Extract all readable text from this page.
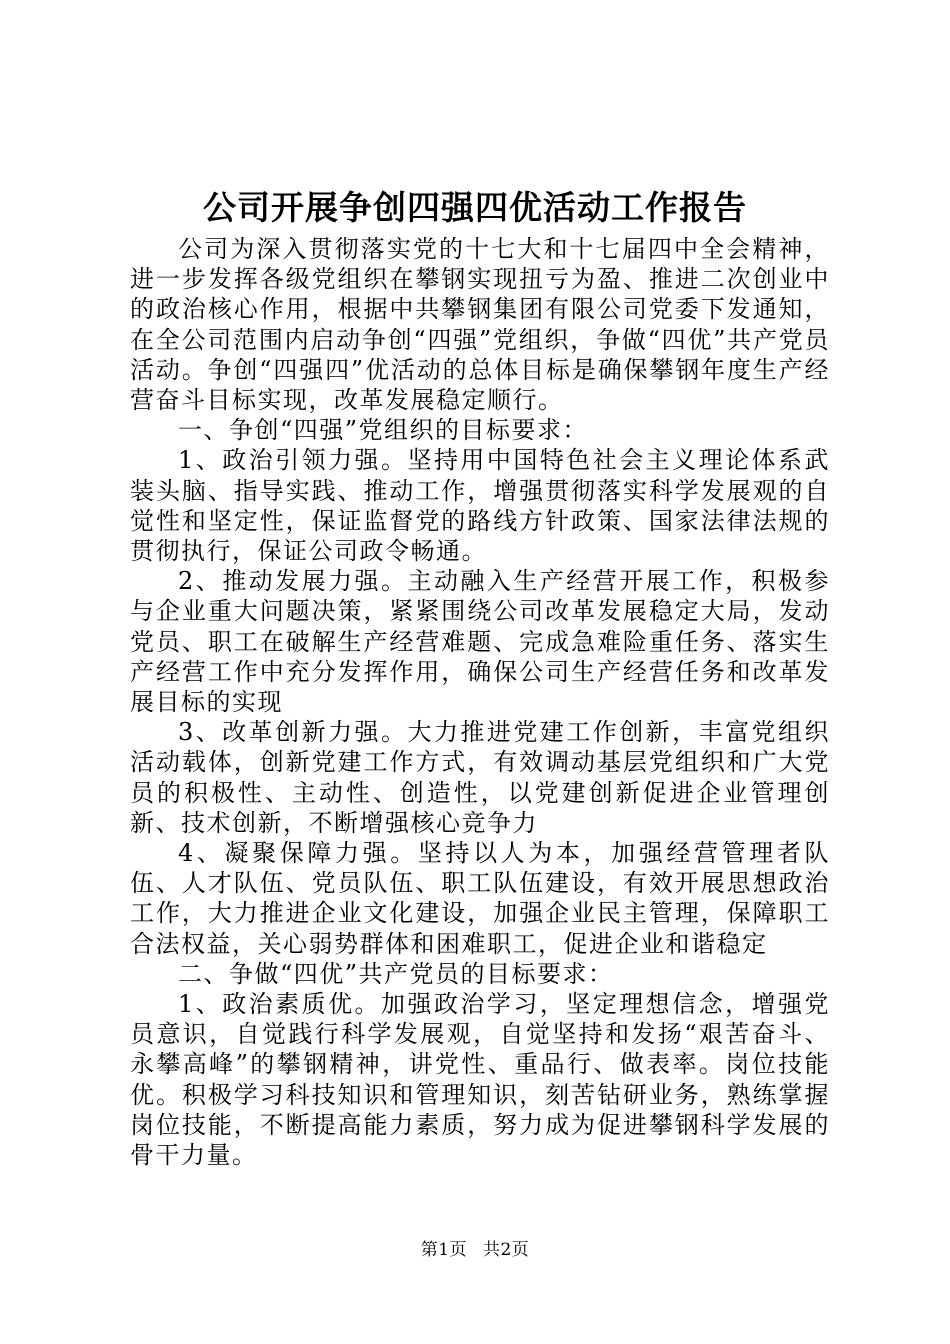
公司开展争创四强四优活动工作报告

公司为深入贯彻落实党的十七大和十七届四中全会精神，进一步发挥各级党组织在攀钢实现扭亏为盈、推进二次创业中的政治核心作用，根据中共攀钢集团有限公司党委下发通知，在全公司范围内启动争创“四强”党组织，争做“四优”共产党员活动。争创“四强四”优活动的总体目标是确保攀钢年度生产经营奋斗目标实现，改革发展稳定顺行。

一、争创“四强”党组织的目标要求：

1、政治引领力强。坚持用中国特色社会主义理论体系武装头脑、指导实践、推动工作，增强贯彻落实科学发展观的自觉性和坚定性，保证监督党的路线方针政策、国家法律法规的贯彻执行，保证公司政令畅通。

2、推动发展力强。主动融入生产经营开展工作，积极参与企业重大问题决策，紧紧围绕公司改革发展稳定大局，发动党员、职工在破解生产经营难题、完成急难险重任务、落实生产经营工作中充分发挥作用，确保公司生产经营任务和改革发展目标的实现

3、改革创新力强。大力推进党建工作创新，丰富党组织活动载体，创新党建工作方式，有效调动基层党组织和广大党员的积极性、主动性、创造性，以党建创新促进企业管理创新、技术创新，不断增强核心竞争力

4、凝聚保障力强。坚持以人为本，加强经营管理者队伍、人才队伍、党员队伍、职工队伍建设，有效开展思想政治工作，大力推进企业文化建设，加强企业民主管理，保障职工合法权益，关心弱势群体和困难职工，促进企业和谐稳定

二、争做“四优”共产党员的目标要求：

1、政治素质优。加强政治学习，坚定理想信念，增强党员意识，自觉践行科学发展观，自觉坚持和发扬“艰苦奋斗、永攀高峰”的攀钢精神，讲党性、重品行、做表率。岗位技能优。积极学习科技知识和管理知识，刻苦钻研业务，熟练掌握岗位技能，不断提高能力素质，努力成为促进攀钢科学发展的骨干力量。

第1页 共2页
